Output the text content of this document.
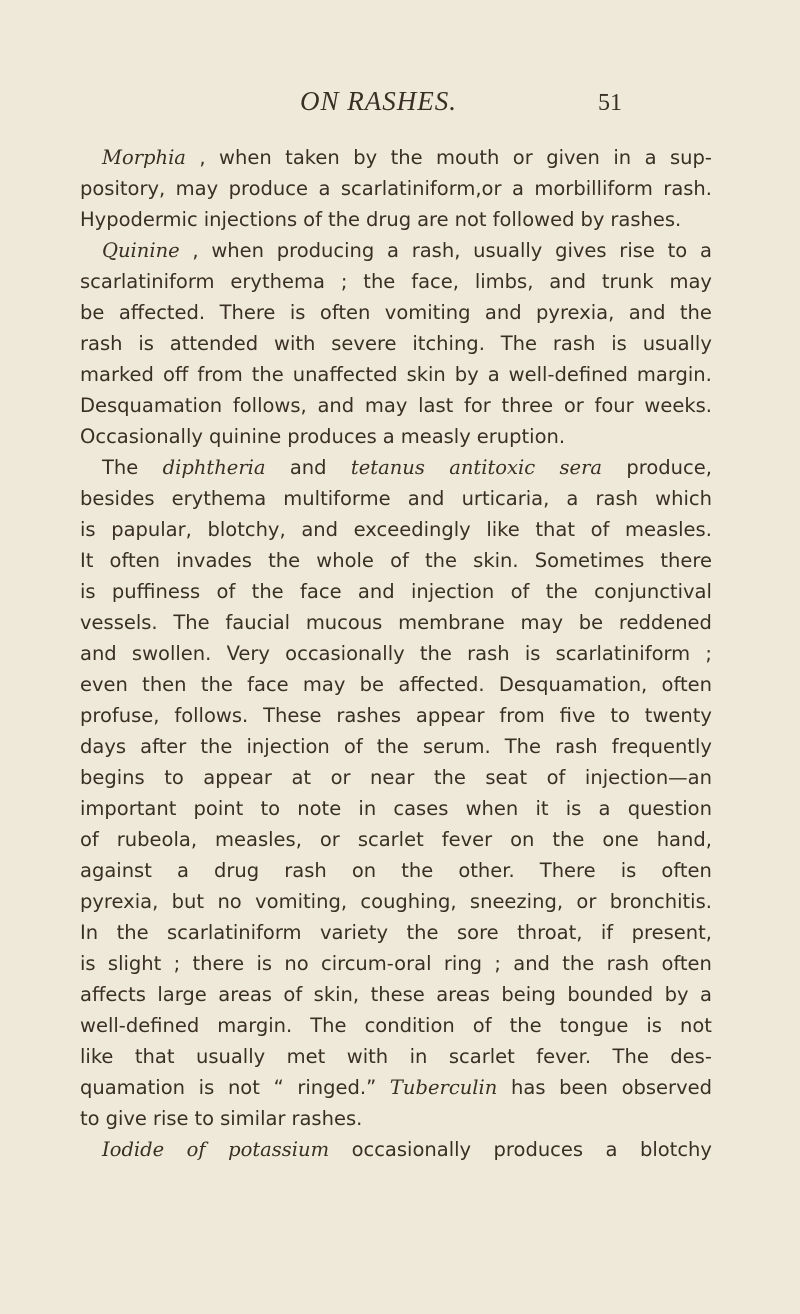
ON RASHES.	51
Morphia , when taken by the mouth or given in a sup-
pository, may produce a scarlatiniform,or a morbilliform rash.
Hypodermic injections of the drug are not followed by rashes.
Quinine , when producing a rash, usually gives rise to a
scarlatiniform erythema ; the face, limbs, and trunk may
be affected. There is often vomiting and pyrexia, and the
rash is attended with severe itching. The rash is usually
marked off from the unaffected skin by a well-defined margin.
Desquamation follows, and may last for three or four weeks.
Occasionally quinine produces a measly eruption.
The diphtheria and tetanus antitoxic sera produce,
besides erythema multiforme and urticaria, a rash which
is papular, blotchy, and exceedingly like that of measles.
It often invades the whole of the skin. Sometimes there
is puffiness of the face and injection of the conjunctival
vessels. The faucial mucous membrane may be reddened
and swollen. Very occasionally the rash is scarlatiniform ;
even then the face may be affected. Desquamation, often
profuse, follows. These rashes appear from five to twenty
days after the injection of the serum. The rash frequently
begins to appear at or near the seat of injection—an
important point to note in cases when it is a question
of rubeola, measles, or scarlet fever on the one hand,
against a drug rash on the other. There is often
pyrexia, but no vomiting, coughing, sneezing, or bronchitis.
In the scarlatiniform variety the sore throat, if present,
is slight ; there is no circum-oral ring ; and the rash often
affects large areas of skin, these areas being bounded by a
well-defined margin. The condition of the tongue is not
like that usually met with in scarlet fever. The des-
quamation is not “ ringed.” Tuberculin has been observed
to give rise to similar rashes.
Iodide of potassium occasionally produces a blotchy
